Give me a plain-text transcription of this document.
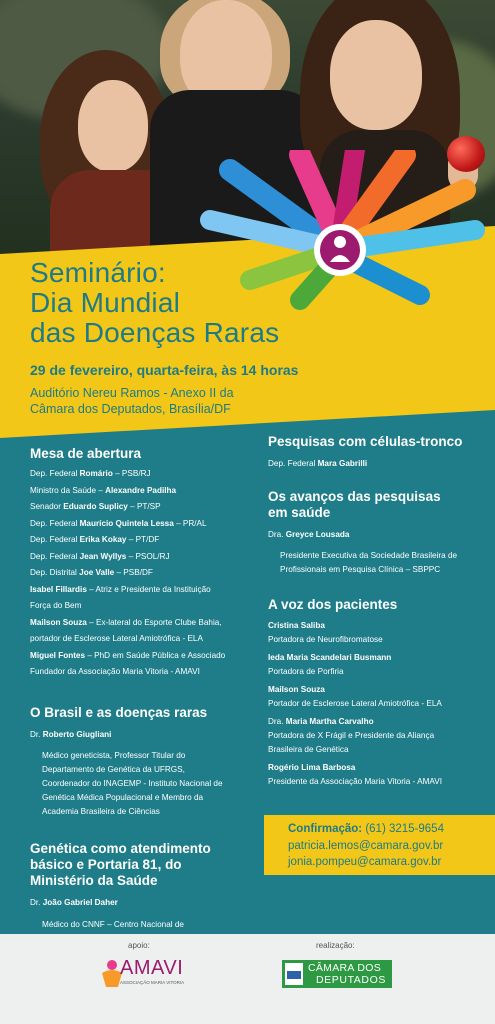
Seminário:
Dia Mundial
das Doenças Raras
29 de fevereiro, quarta-feira, às 14 horas
Auditório Nereu Ramos - Anexo II da
Câmara dos Deputados, Brasília/DF
Mesa de abertura
Dep. Federal Romário – PSB/RJ
Ministro da Saúde – Alexandre Padilha
Senador Eduardo Suplicy – PT/SP
Dep. Federal Maurício Quintela Lessa – PR/AL
Dep. Federal Erika Kokay – PT/DF
Dep. Federal Jean Wyllys – PSOL/RJ
Dep. Distrital Joe Valle – PSB/DF
Isabel Fillardis – Atriz e Presidente da Instituição
Força do Bem
Mailson Souza – Ex-lateral do Esporte Clube Bahia,
portador de Esclerose Lateral Amiotrófica - ELA
Miguel Fontes – PhD em Saúde Pública e Associado
Fundador da Associação Maria Vitoria - AMAVI
O Brasil e as doenças raras
Dr. Roberto Giugliani
Médico geneticista, Professor Titular do
Departamento de Genética da UFRGS,
Coordenador do INAGEMP - Instituto Nacional de
Genética Médica Populacional e Membro da
Academia Brasileira de Ciências
Genética como atendimento
básico e Portaria 81, do
Ministério da Saúde
Dr. João Gabriel Daher
Médico do CNNF – Centro Nacional de
Pesquisas com células-tronco
Dep. Federal Mara Gabrilli
Os avanços das pesquisas
em saúde
Dra. Greyce Lousada
Presidente Executiva da Sociedade Brasileira de
Profissionais em Pesquisa Clínica – SBPPC
A voz dos pacientes
Cristina Saliba
Portadora de Neurofibromatose
Ieda Maria Scandelari Busmann
Portadora de Porfiria
Mailson Souza
Portador de Esclerose Lateral Amiotrófica - ELA
Dra. Maria Martha Carvalho
Portadora de X Frágil e Presidente da Aliança
Brasileira de Genética
Rogério Lima Barbosa
Presidente da Associação Maria Vitoria - AMAVI
Confirmação: (61) 3215-9654
patricia.lemos@camara.gov.br
jonia.pompeu@camara.gov.br
apoio:	realização:
AMAVI
ASSOCIAÇÃO MARIA VITORIA
CÂMARA DOS
DEPUTADOS
